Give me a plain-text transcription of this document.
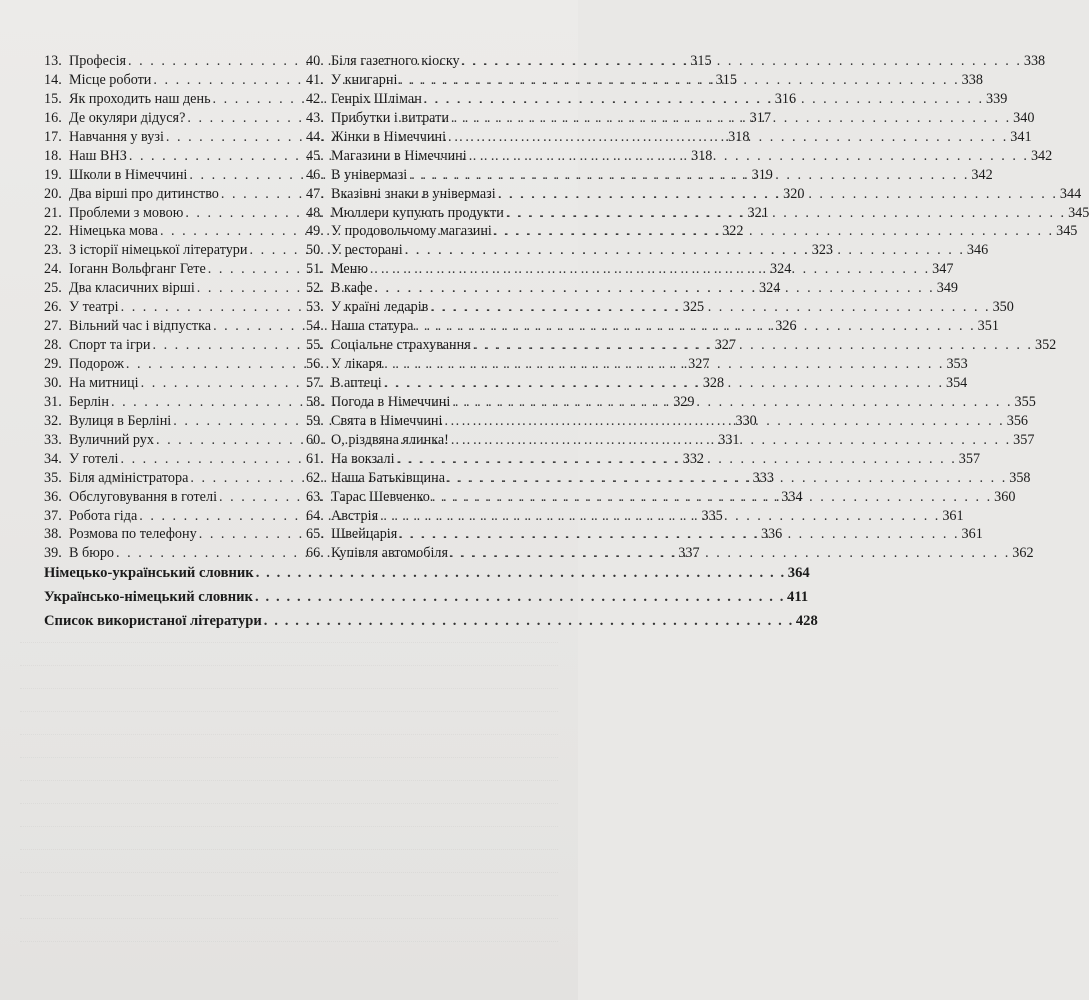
13. Професія . . .	315
14. Місце роботи . . .	315
15. Як проходить наш день . . .	316
16. Де окуляри дідуся? . . .	317
17. Навчання у вузі . . .	318
18. Наш ВНЗ . . .	318
19. Школи в Німеччині . . .	319
20. Два вірші про дитинство . . .	320
21. Проблеми з мовою . . .	321
22. Німецька мова . . .	322
23. З історії німецької літератури . . .	323
24. Іоганн Вольфганг Гете . . .	324
25. Два класичних вірші . . .	324
26. У театрі . . .	325
27. Вільний час і відпустка . . .	326
28. Спорт та ігри . . .	327
29. Подорож . . .	327
30. На митниці . . .	328
31. Берлін . . .	329
32. Вулиця в Берліні . . .	330
33. Вуличний рух . . .	331
34. У готелі . . .	332
35. Біля адміністратора . . .	333
36. Обслуговування в готелі . . .	334
37. Робота гіда . . .	335
38. Розмова по телефону . . .	336
39. В бюро . . .	337
40. Біля газетного кіоску . . .	338
41. У книгарні . . .	338
42. Генріх Шліман . . .	339
43. Прибутки і витрати . . .	340
44. Жінки в Німеччині . . .	341
45. Магазини в Німеччині . . .	342
46. В універмазі . . .	342
47. Вказівні знаки в універмазі . . .	344
48. Мюллери купують продукти . . .	345
49. У продовольчому магазині . . .	345
50. У ресторані . . .	346
51. Меню . . .	347
52. В кафе . . .	349
53. У країні ледарів . . .	350
54. Наша статура . . .	351
55. Соціальне страхування . . .	352
56. У лікаря . . .	353
57. В аптеці . . .	354
58. Погода в Німеччині . . .	355
59. Свята в Німеччині . . .	356
60. О, різдвяна ялинка! . . .	357
61. На вокзалі . . .	357
62. Наша Батьківщина . . .	358
63. Тарас Шевченко . . .	360
64. Австрія . . .	361
65. Швейцарія . . .	361
66. Купівля автомобіля . . .	362
Німецько-український словник . . .	364
Українсько-німецький словник . . .	411
Список використаної літератури . . .	428
